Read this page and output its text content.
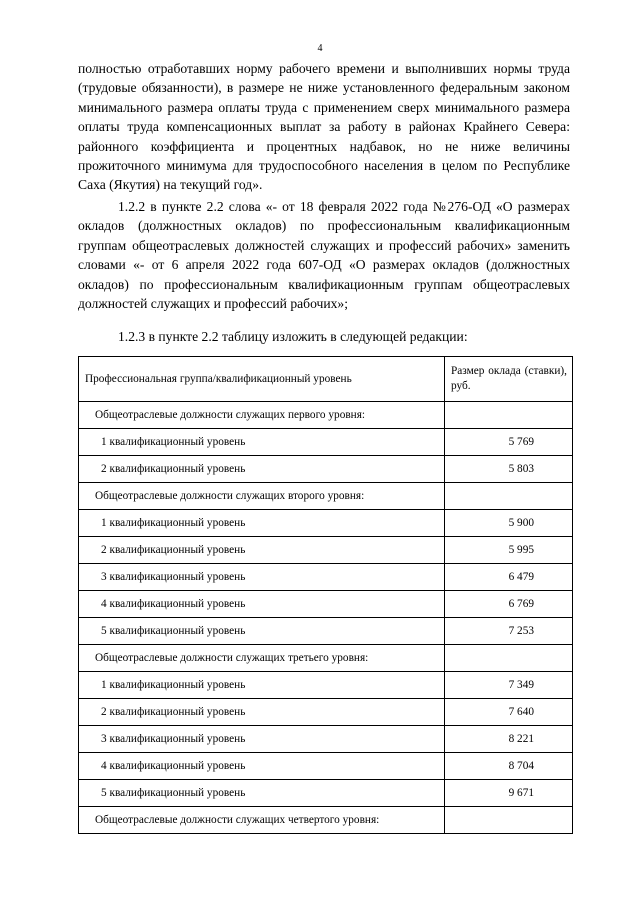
4

полностью отработавших норму рабочего времени и выполнивших нормы труда (трудовые обязанности), в размере не ниже установленного федеральным законом минимального размера оплаты труда с применением сверх минимального размера оплаты труда компенсационных выплат за работу в районах Крайнего Севера: районного коэффициента и процентных надбавок, но не ниже величины прожиточного минимума для трудоспособного населения в целом по Республике Саха (Якутия) на текущий год».

1.2.2 в пункте 2.2 слова «- от 18 февраля 2022 года №276-ОД «О размерах окладов (должностных окладов) по профессиональным квалификационным группам общеотраслевых должностей служащих и профессий рабочих» заменить словами «- от 6 апреля 2022 года 607-ОД «О размерах окладов (должностных окладов) по профессиональным квалификационным группам общеотраслевых должностей служащих и профессий рабочих»;

1.2.3 в пункте 2.2 таблицу изложить в следующей редакции:

Профессиональная группа/квалификационный уровень	Размер оклада (ставки), руб.
Общеотраслевые должности служащих первого уровня:	
1 квалификационный уровень	5 769
2 квалификационный уровень	5 803
Общеотраслевые должности служащих второго уровня:	
1 квалификационный уровень	5 900
2 квалификационный уровень	5 995
3 квалификационный уровень	6 479
4 квалификационный уровень	6 769
5 квалификационный уровень	7 253
Общеотраслевые должности служащих третьего уровня:	
1 квалификационный уровень	7 349
2 квалификационный уровень	7 640
3 квалификационный уровень	8 221
4 квалификационный уровень	8 704
5 квалификационный уровень	9 671
Общеотраслевые должности служащих четвертого уровня:	
